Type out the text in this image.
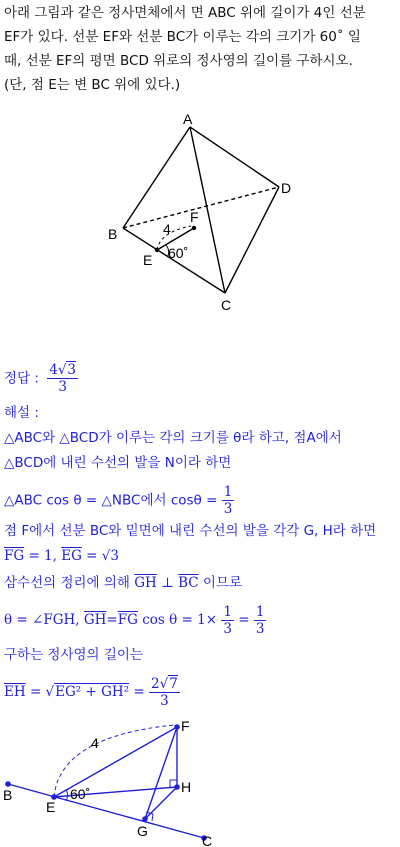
아래 그림과 같은 정사면체에서 면 ABC 위에 길이가 4인 선분
EF가 있다. 선분 EF와 선분 BC가 이루는 각의 크기가 60˚ 일
때, 선분 EF의 평면 BCD 위로의 정사영의 길이를 구하시오.
(단, 점 E는 변 BC 위에 있다.)
A
B
C
D
E
F
4
60˚
정답 : $\frac{4√3}{3}$
해설 :
△ABC와 △BCD가 이루는 각의 크기를 θ라 하고, 점A에서
△BCD에 내린 수선의 발을 N이라 하면
△ABC cos θ = △NBC에서 $\cos\theta = \frac{1}{3}$
점 F에서 선분 BC와 밑면에 내린 수선의 발을 각각 G, H라 하면
$\overline{FG} = 1$, $\overline{EG} = √3$
삼수선의 정리에 의해 $\overline{GH}$ ⊥ $\overline{BC}$ 이므로
θ = ∠FGH, $\overline{GH}=\overline{FG}$ $\cos \theta = 1\times \frac{1}{3} = \frac{1}{3}$
구하는 정사영의 길이는
$\overline{EH} = √EG^2 + GH^2 = \frac{2√7}{3}$
B
E
F
H
G
C
4
60˚
